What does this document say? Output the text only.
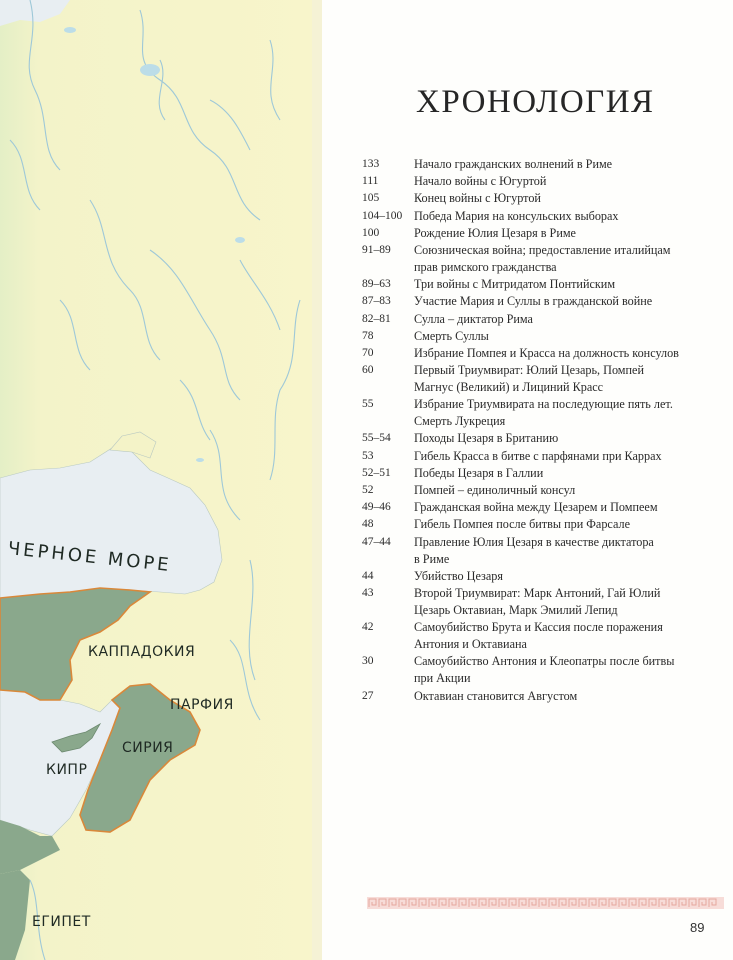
ЧЕРНОЕ МОРЕ
КАППАДОКИЯ
ПАРФИЯ
СИРИЯ
КИПР
ЕГИПЕТ
ХРОНОЛОГИЯ
133	Начало гражданских волнений в Риме
111	Начало войны с Югуртой
105	Конец войны с Югуртой
104–100 Победа Мария на консульских выборах
100	Рождение Юлия Цезаря в Риме
91–89	Союзническая война; предоставление италийцам
прав римского гражданства
89–63	Три войны с Митридатом Понтийским
87–83	Участие Мария и Суллы в гражданской войне
82–81	Сулла – диктатор Рима
78	Смерть Суллы
70	Избрание Помпея и Красса на должность консулов
60	Первый Триумвират: Юлий Цезарь, Помпей
Магнус (Великий) и Лициний Красс
55	Избрание Триумвирата на последующие пять лет.
Смерть Лукреция
55–54	Походы Цезаря в Британию
53	Гибель Красса в битве с парфянами при Каррах
52–51	Победы Цезаря в Галлии
52	Помпей – единоличный консул
49–46	Гражданская война между Цезарем и Помпеем
48	Гибель Помпея после битвы при Фарсале
47–44	Правление Юлия Цезаря в качестве диктатора
в Риме
44	Убийство Цезаря
43	Второй Триумвират: Марк Антоний, Гай Юлий
Цезарь Октавиан, Марк Эмилий Лепид
42	Самоубийство Брута и Кассия после поражения
Антония и Октавиана
30	Самоубийство Антония и Клеопатры после битвы
при Акции
27	Октавиан становится Августом
89
